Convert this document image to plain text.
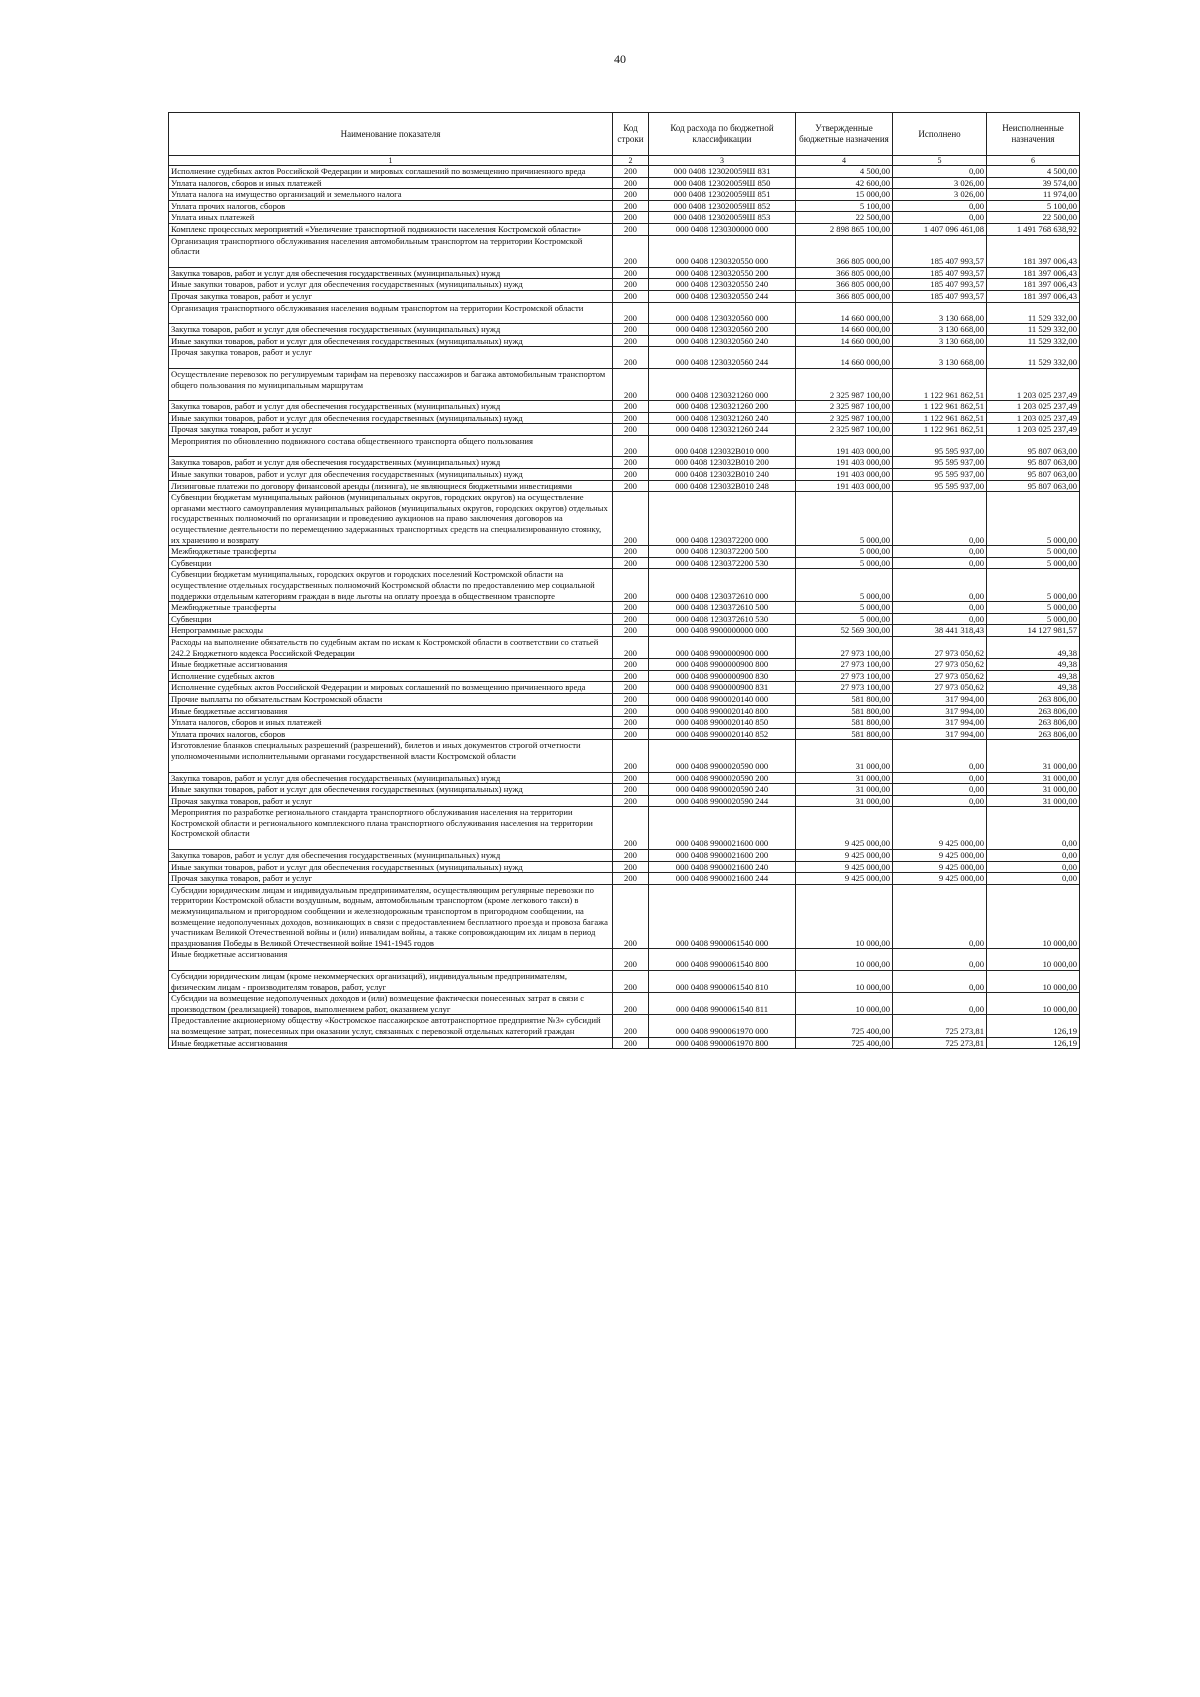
40
Наименование показателя	Код строки	Код расхода по бюджетной классификации	Утвержденные бюджетные назначения	Исполнено	Неисполненные назначения
1	2	3	4	5	6
Исполнение судебных актов Российской Федерации и мировых соглашений по возмещению причиненного вреда	200	000 0408 123020059Ш 831	4 500,00	0,00	4 500,00
Уплата налогов, сборов и иных платежей	200	000 0408 123020059Ш 850	42 600,00	3 026,00	39 574,00
Уплата налога на имущество организаций и земельного налога	200	000 0408 123020059Ш 851	15 000,00	3 026,00	11 974,00
Уплата прочих налогов, сборов	200	000 0408 123020059Ш 852	5 100,00	0,00	5 100,00
Уплата иных платежей	200	000 0408 123020059Ш 853	22 500,00	0,00	22 500,00
Комплекс процессных мероприятий «Увеличение транспортной подвижности населения Костромской области»	200	000 0408 1230300000 000	2 898 865 100,00	1 407 096 461,08	1 491 768 638,92
Организация транспортного обслуживания населения автомобильным транспортом на территории Костромской области	200	000 0408 1230320550 000	366 805 000,00	185 407 993,57	181 397 006,43
Закупка товаров, работ и услуг для обеспечения государственных (муниципальных) нужд	200	000 0408 1230320550 200	366 805 000,00	185 407 993,57	181 397 006,43
Иные закупки товаров, работ и услуг для обеспечения государственных (муниципальных) нужд	200	000 0408 1230320550 240	366 805 000,00	185 407 993,57	181 397 006,43
Прочая закупка товаров, работ и услуг	200	000 0408 1230320550 244	366 805 000,00	185 407 993,57	181 397 006,43
Организация транспортного обслуживания населения водным транспортом на территории Костромской области	200	000 0408 1230320560 000	14 660 000,00	3 130 668,00	11 529 332,00
Закупка товаров, работ и услуг для обеспечения государственных (муниципальных) нужд	200	000 0408 1230320560 200	14 660 000,00	3 130 668,00	11 529 332,00
Иные закупки товаров, работ и услуг для обеспечения государственных (муниципальных) нужд	200	000 0408 1230320560 240	14 660 000,00	3 130 668,00	11 529 332,00
Прочая закупка товаров, работ и услуг	200	000 0408 1230320560 244	14 660 000,00	3 130 668,00	11 529 332,00
Осуществление перевозок по регулируемым тарифам на перевозку пассажиров и багажа автомобильным транспортом общего пользования по муниципальным маршрутам	200	000 0408 1230321260 000	2 325 987 100,00	1 122 961 862,51	1 203 025 237,49
Закупка товаров, работ и услуг для обеспечения государственных (муниципальных) нужд	200	000 0408 1230321260 200	2 325 987 100,00	1 122 961 862,51	1 203 025 237,49
Иные закупки товаров, работ и услуг для обеспечения государственных (муниципальных) нужд	200	000 0408 1230321260 240	2 325 987 100,00	1 122 961 862,51	1 203 025 237,49
Прочая закупка товаров, работ и услуг	200	000 0408 1230321260 244	2 325 987 100,00	1 122 961 862,51	1 203 025 237,49
Мероприятия по обновлению подвижного состава общественного транспорта общего пользования	200	000 0408 123032B010 000	191 403 000,00	95 595 937,00	95 807 063,00
Закупка товаров, работ и услуг для обеспечения государственных (муниципальных) нужд	200	000 0408 123032B010 200	191 403 000,00	95 595 937,00	95 807 063,00
Иные закупки товаров, работ и услуг для обеспечения государственных (муниципальных) нужд	200	000 0408 123032B010 240	191 403 000,00	95 595 937,00	95 807 063,00
Лизинговые платежи по договору финансовой аренды (лизинга), не являющиеся бюджетными инвестициями	200	000 0408 123032B010 248	191 403 000,00	95 595 937,00	95 807 063,00
Субвенции бюджетам муниципальных районов (муниципальных округов, городских округов) на осуществление органами местного самоуправления муниципальных районов (муниципальных округов, городских округов) отдельных государственных полномочий по организации и проведению аукционов на право заключения договоров на осуществление деятельности по перемещению задержанных транспортных средств на специализированную стоянку, их хранению и возврату	200	000 0408 1230372200 000	5 000,00	0,00	5 000,00
Межбюджетные трансферты	200	000 0408 1230372200 500	5 000,00	0,00	5 000,00
Субвенции	200	000 0408 1230372200 530	5 000,00	0,00	5 000,00
Субвенции бюджетам муниципальных, городских округов и городских поселений Костромской области на осуществление отдельных государственных полномочий Костромской области по предоставлению мер социальной поддержки отдельным категориям граждан в виде льготы на оплату проезда в общественном транспорте	200	000 0408 1230372610 000	5 000,00	0,00	5 000,00
Межбюджетные трансферты	200	000 0408 1230372610 500	5 000,00	0,00	5 000,00
Субвенции	200	000 0408 1230372610 530	5 000,00	0,00	5 000,00
Непрограммные расходы	200	000 0408 9900000000 000	52 569 300,00	38 441 318,43	14 127 981,57
Расходы на выполнение обязательств по судебным актам по искам к Костромской области в соответствии со статьей 242.2 Бюджетного кодекса Российской Федерации	200	000 0408 9900000900 000	27 973 100,00	27 973 050,62	49,38
Иные бюджетные ассигнования	200	000 0408 9900000900 800	27 973 100,00	27 973 050,62	49,38
Исполнение судебных актов	200	000 0408 9900000900 830	27 973 100,00	27 973 050,62	49,38
Исполнение судебных актов Российской Федерации и мировых соглашений по возмещению причиненного вреда	200	000 0408 9900000900 831	27 973 100,00	27 973 050,62	49,38
Прочие выплаты по обязательствам Костромской области	200	000 0408 9900020140 000	581 800,00	317 994,00	263 806,00
Иные бюджетные ассигнования	200	000 0408 9900020140 800	581 800,00	317 994,00	263 806,00
Уплата налогов, сборов и иных платежей	200	000 0408 9900020140 850	581 800,00	317 994,00	263 806,00
Уплата прочих налогов, сборов	200	000 0408 9900020140 852	581 800,00	317 994,00	263 806,00
Изготовление бланков специальных разрешений (разрешений), билетов и иных документов строгой отчетности уполномоченными исполнительными органами государственной власти Костромской области	200	000 0408 9900020590 000	31 000,00	0,00	31 000,00
Закупка товаров, работ и услуг для обеспечения государственных (муниципальных) нужд	200	000 0408 9900020590 200	31 000,00	0,00	31 000,00
Иные закупки товаров, работ и услуг для обеспечения государственных (муниципальных) нужд	200	000 0408 9900020590 240	31 000,00	0,00	31 000,00
Прочая закупка товаров, работ и услуг	200	000 0408 9900020590 244	31 000,00	0,00	31 000,00
Мероприятия по разработке регионального стандарта транспортного обслуживания населения на территории Костромской области и регионального комплексного плана транспортного обслуживания населения на территории Костромской области	200	000 0408 9900021600 000	9 425 000,00	9 425 000,00	0,00
Закупка товаров, работ и услуг для обеспечения государственных (муниципальных) нужд	200	000 0408 9900021600 200	9 425 000,00	9 425 000,00	0,00
Иные закупки товаров, работ и услуг для обеспечения государственных (муниципальных) нужд	200	000 0408 9900021600 240	9 425 000,00	9 425 000,00	0,00
Прочая закупка товаров, работ и услуг	200	000 0408 9900021600 244	9 425 000,00	9 425 000,00	0,00
Субсидии юридическим лицам и индивидуальным предпринимателям, осуществляющим регулярные перевозки по территории Костромской области воздушным, водным, автомобильным транспортом (кроме легкового такси) в межмуниципальном и пригородном сообщении и железнодорожным транспортом в пригородном сообщении, на возмещение недополученных доходов, возникающих в связи с предоставлением бесплатного проезда и провоза багажа участникам Великой Отечественной войны и (или) инвалидам войны, а также сопровождающим их лицам в период празднования Победы в Великой Отечественной войне 1941-1945 годов	200	000 0408 9900061540 000	10 000,00	0,00	10 000,00
Иные бюджетные ассигнования	200	000 0408 9900061540 800	10 000,00	0,00	10 000,00
Субсидии юридическим лицам (кроме некоммерческих организаций), индивидуальным предпринимателям, физическим лицам - производителям товаров, работ, услуг	200	000 0408 9900061540 810	10 000,00	0,00	10 000,00
Субсидии на возмещение недополученных доходов и (или) возмещение фактически понесенных затрат в связи с производством (реализацией) товаров, выполнением работ, оказанием услуг	200	000 0408 9900061540 811	10 000,00	0,00	10 000,00
Предоставление акционерному обществу «Костромское пассажирское автотранспортное предприятие №3» субсидий на возмещение затрат, понесенных при оказании услуг, связанных с перевозкой отдельных категорий граждан	200	000 0408 9900061970 000	725 400,00	725 273,81	126,19
Иные бюджетные ассигнования	200	000 0408 9900061970 800	725 400,00	725 273,81	126,19
